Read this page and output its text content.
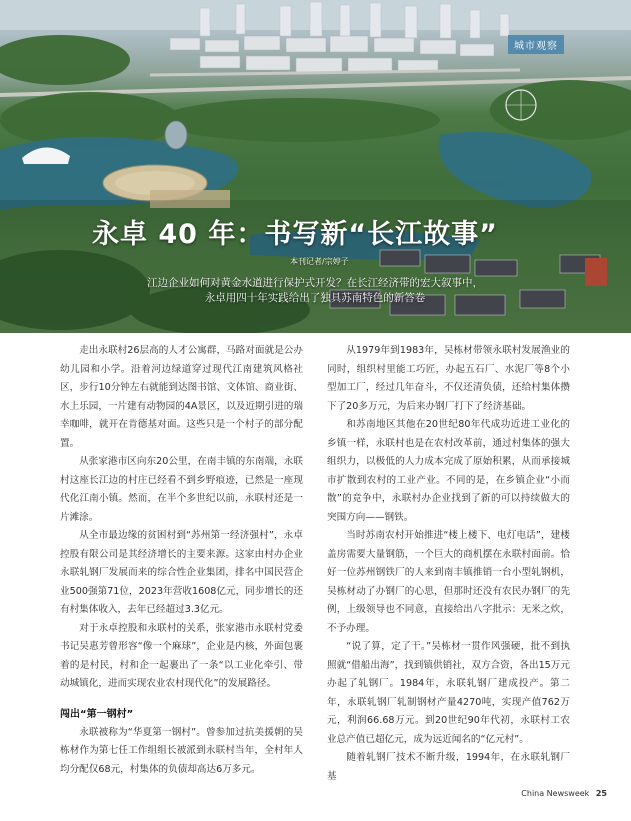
城市观察
永卓 40 年：书写新“长江故事”
本刊记者/宗婷子
江边企业如何对黄金水道进行保护式开发？在长江经济带的宏大叙事中，
永卓用四十年实践给出了独具苏南特色的新答卷

走出永联村26层高的人才公寓群，马路对面就是公办幼儿园和小学。沿着河边绿道穿过现代江南建筑风格社区，步行10分钟左右就能到达图书馆、文体馆、商业街、水上乐园，一片建有动物园的4A景区，以及近期引进的瑞幸咖啡，就开在肯德基对面。这些只是一个村子的部分配置。

从张家港市区向东20公里，在南丰镇的东南端，永联村这座长江边的村庄已经看不到乡野痕迹，已然是一座现代化江南小镇。然而，在半个多世纪以前，永联村还是一片滩涂。

从全市最边缘的贫困村到“苏州第一经济强村”，永卓控股有限公司是其经济增长的主要来源。这家由村办企业永联轧钢厂发展而来的综合性企业集团，排名中国民营企业500强第71位，2023年营收1608亿元，同步增长的还有村集体收入，去年已经超过3.3亿元。

对于永卓控股和永联村的关系，张家港市永联村党委书记吴惠芳曾形容“像一个麻球”，企业是内核，外面包裹着的是村民，村和企一起裹出了一条“以工业化牵引、带动城镇化，进而实现农业农村现代化”的发展路径。

闯出“第一钢村”

永联被称为“华夏第一钢村”。曾参加过抗美援朝的吴栋材作为第七任工作组组长被派到永联村当年，全村年人均分配仅68元，村集体的负债却高达6万多元。

从1979年到1983年，吴栋材带领永联村发展渔业的同时，组织村里能工巧匠，办起五石厂、水泥厂等8个小型加工厂，经过几年奋斗，不仅还清负债，还给村集体攒下了20多万元，为后来办钢厂打下了经济基础。

和苏南地区其他在20世纪80年代成功近进工业化的乡镇一样，永联村也是在农村改革前，通过村集体的强大组织力，以极低的人力成本完成了原始积累，从而承接城市扩散到农村的工业产业。不同的是，在乡镇企业“小而散”的竞争中，永联村办企业找到了新的可以持续做大的突围方向——钢铁。

当时苏南农村开始推进“楼上楼下、电灯电话”，建楼盖房需要大量钢筋，一个巨大的商机摆在永联村面前。恰好一位苏州钢铁厂的人来到南丰镇推销一台小型轧钢机，吴栋材动了办钢厂的心思，但那时还没有农民办钢厂的先例，上级领导也不同意，直接给出八字批示：无米之炊，不予办理。

“说了算，定了干。”吴栋材一贯作风强硬，批不到执照就“借船出海”，找到镇供销社，双方合资，各出15万元办起了轧钢厂。1984年，永联轧钢厂建成投产。第二年，永联轧钢厂轧制钢材产量4270吨，实现产值762万元，利润66.68万元。到20世纪90年代初，永联村工农业总产值已超亿元，成为远近闻名的“亿元村”。

随着轧钢厂技术不断升级，1994年，在永联轧钢厂基

China Newsweek 25
